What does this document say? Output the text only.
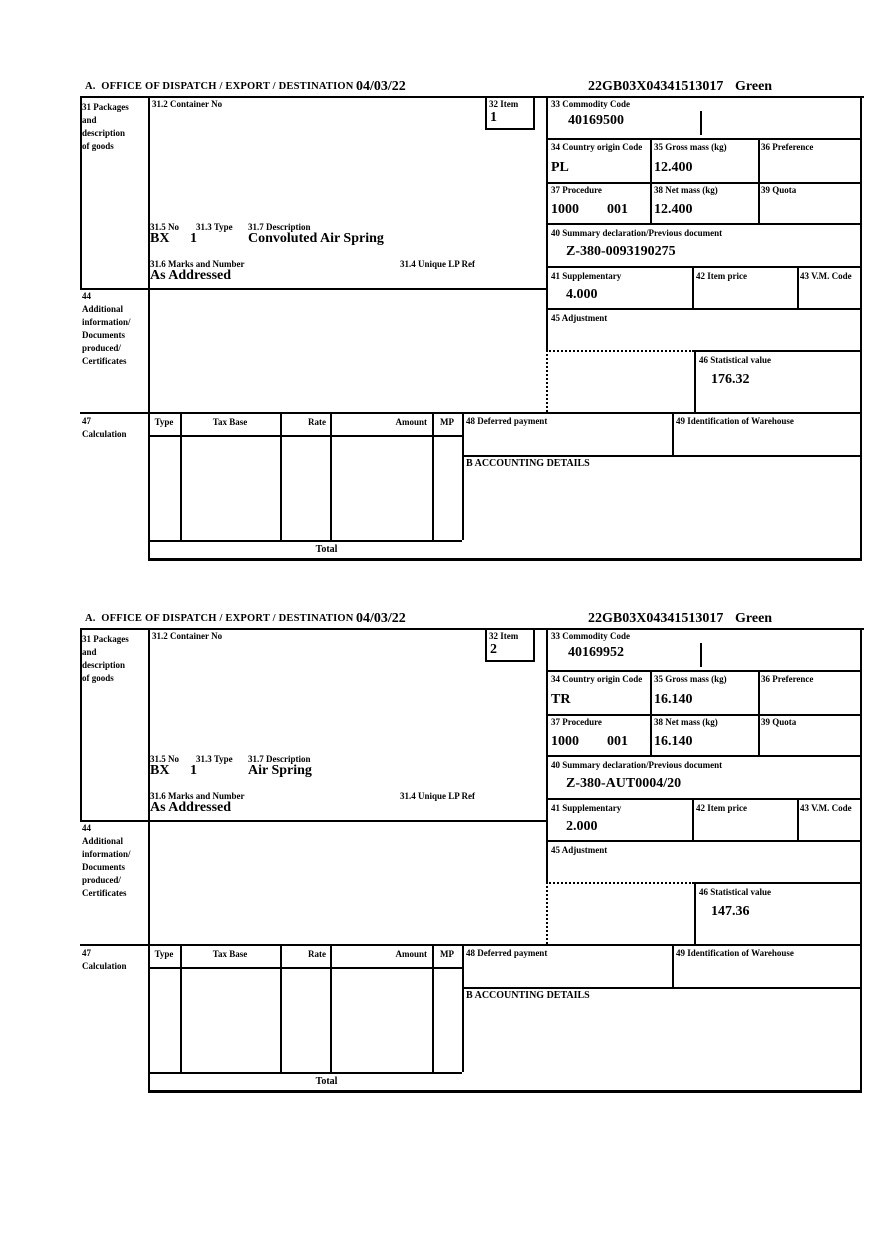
A.  OFFICE OF DISPATCH / EXPORT / DESTINATION 04/03/22	22GB03X04341513017 Green
31 Packages
and
description
of goods
31.2 Container No	32 Item
1
33 Commodity Code
40169500
34 Country origin Code
PL
35 Gross mass (kg)
12.400
36 Preference
37 Procedure
1000 001
38 Net mass (kg)
12.400
39 Quota
40 Summary declaration/Previous document
Z-380-0093190275
41 Supplementary
4.000
42 Item price	43 V.M. Code
31.5 No 31.3 Type 31.7 Description
BX 1	Convoluted Air Spring
31.6 Marks and Number	31.4 Unique LP Ref
As Addressed
44
Additional
information/
Documents
produced/
Certificates
45 Adjustment
46 Statistical value
176.32
47
Calculation
Type	Tax Base	Rate	Amount	MP
Total
48 Deferred payment	49 Identification of Warehouse
B ACCOUNTING DETAILS
A.  OFFICE OF DISPATCH / EXPORT / DESTINATION 04/03/22	22GB03X04341513017 Green
31 Packages
and
description
of goods
31.2 Container No	32 Item
2
33 Commodity Code
40169952
34 Country origin Code
TR
35 Gross mass (kg)
16.140
36 Preference
37 Procedure
1000 001
38 Net mass (kg)
16.140
39 Quota
40 Summary declaration/Previous document
Z-380-AUT0004/20
41 Supplementary
2.000
42 Item price	43 V.M. Code
31.5 No 31.3 Type 31.7 Description
BX 1	Air Spring
31.6 Marks and Number	31.4 Unique LP Ref
As Addressed
44
Additional
information/
Documents
produced/
Certificates
45 Adjustment
46 Statistical value
147.36
47
Calculation
Type	Tax Base	Rate	Amount	MP
Total
48 Deferred payment	49 Identification of Warehouse
B ACCOUNTING DETAILS
